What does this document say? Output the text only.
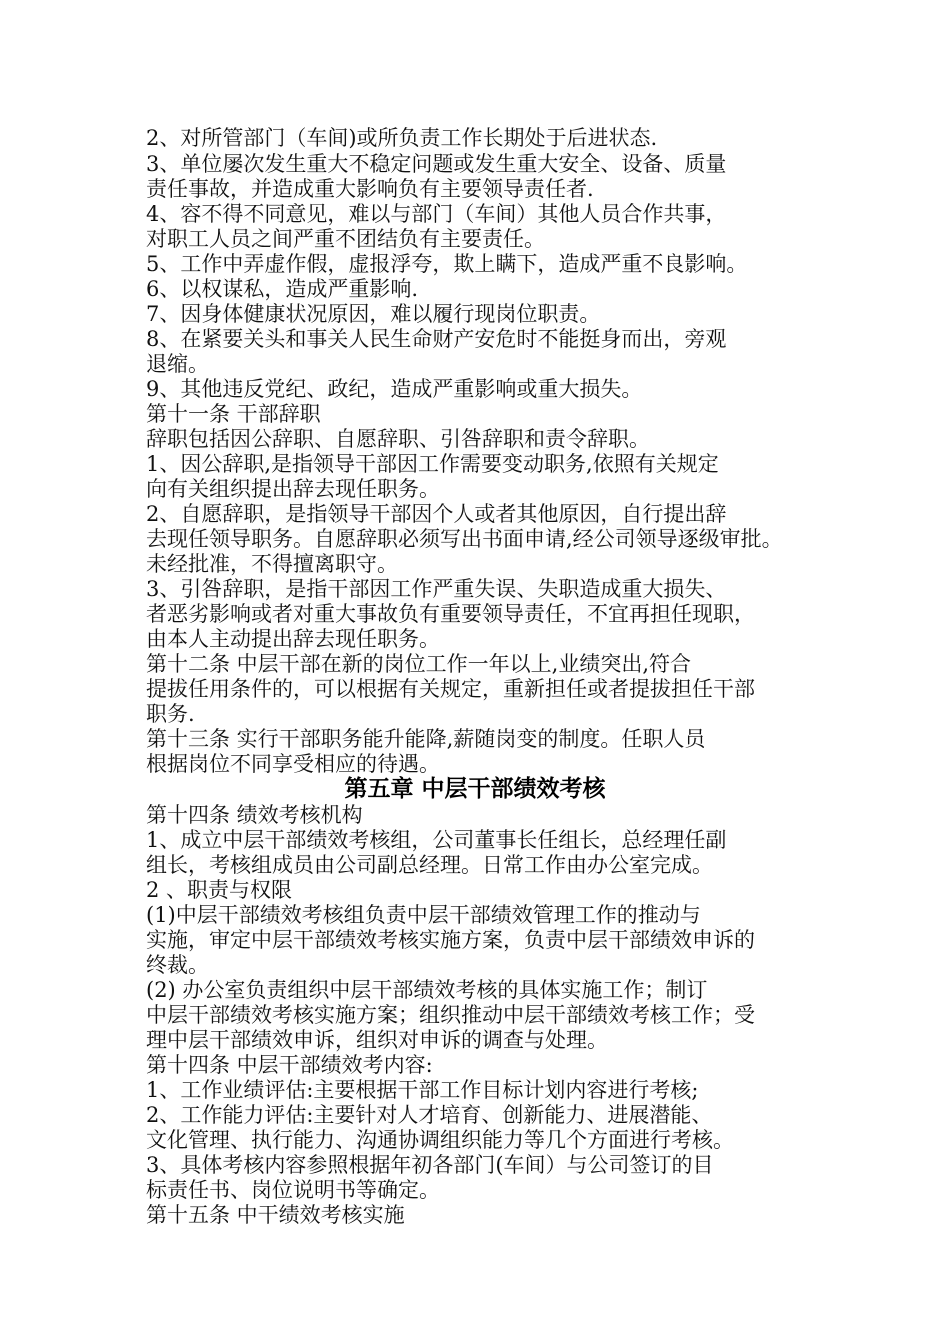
2、对所管部门（车间)或所负责工作长期处于后进状态.

3、单位屡次发生重大不稳定问题或发生重大安全、设备、质量

责任事故，并造成重大影响负有主要领导责任者.

4、容不得不同意见，难以与部门（车间）其他人员合作共事，

对职工人员之间严重不团结负有主要责任。

5、工作中弄虚作假，虚报浮夸，欺上瞒下，造成严重不良影响。

6、以权谋私，造成严重影响.

7、因身体健康状况原因，难以履行现岗位职责。

8、在紧要关头和事关人民生命财产安危时不能挺身而出，旁观

退缩。

9、其他违反党纪、政纪，造成严重影响或重大损失。

第十一条 干部辞职

辞职包括因公辞职、自愿辞职、引咎辞职和责令辞职。

1、因公辞职,是指领导干部因工作需要变动职务,依照有关规定

向有关组织提出辞去现任职务。

2、自愿辞职，是指领导干部因个人或者其他原因，自行提出辞

去现任领导职务。自愿辞职必须写出书面申请,经公司领导逐级审批。

未经批准，不得擅离职守。

3、引咎辞职，是指干部因工作严重失误、失职造成重大损失、

者恶劣影响或者对重大事故负有重要领导责任，不宜再担任现职，

由本人主动提出辞去现任职务。

第十二条 中层干部在新的岗位工作一年以上,业绩突出,符合

提拔任用条件的，可以根据有关规定，重新担任或者提拔担任干部

职务.

第十三条 实行干部职务能升能降,薪随岗变的制度。任职人员

根据岗位不同享受相应的待遇。

第五章 中层干部绩效考核

第十四条 绩效考核机构

1、成立中层干部绩效考核组，公司董事长任组长，总经理任副

组长，考核组成员由公司副总经理。日常工作由办公室完成。

2 、职责与权限

(1)中层干部绩效考核组负责中层干部绩效管理工作的推动与

实施，审定中层干部绩效考核实施方案，负责中层干部绩效申诉的

终裁。

(2) 办公室负责组织中层干部绩效考核的具体实施工作；制订

中层干部绩效考核实施方案；组织推动中层干部绩效考核工作；受

理中层干部绩效申诉，组织对申诉的调查与处理。

第十四条 中层干部绩效考内容:

1、工作业绩评估:主要根据干部工作目标计划内容进行考核;

2、工作能力评估:主要针对人才培育、创新能力、进展潜能、

文化管理、执行能力、沟通协调组织能力等几个方面进行考核。

3、具体考核内容参照根据年初各部门(车间）与公司签订的目

标责任书、岗位说明书等确定。

第十五条 中干绩效考核实施
